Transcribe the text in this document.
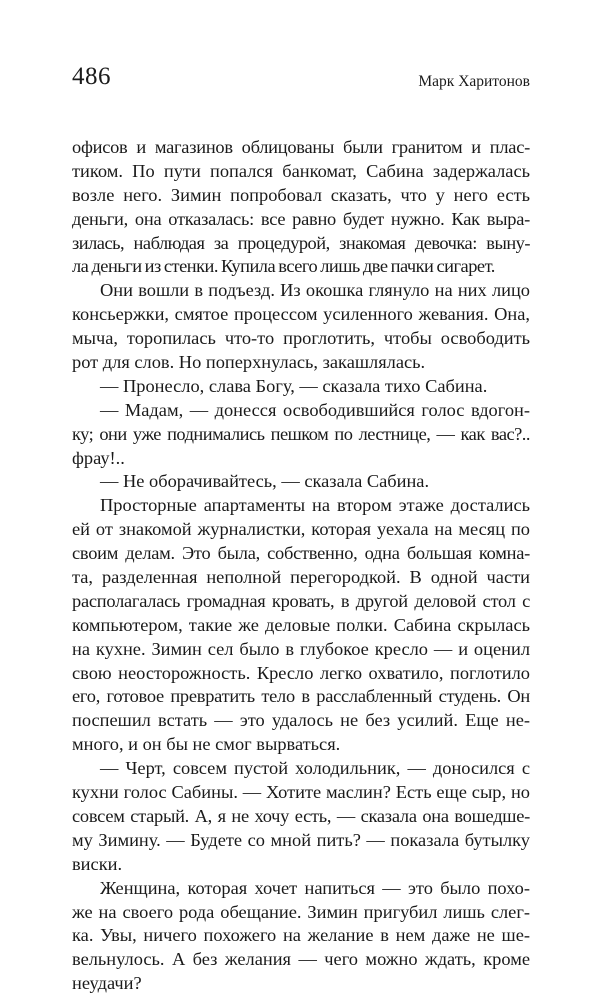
486	Марк Харитонов
офисов и магазинов облицованы были гранитом и плас-
тиком. По пути попался банкомат, Сабина задержалась
возле него. Зимин попробовал сказать, что у него есть
деньги, она отказалась: все равно будет нужно. Как выра-
зилась, наблюдая за процедурой, знакомая девочка: выну-
ла деньги из стенки. Купила всего лишь две пачки сигарет.
Они вошли в подъезд. Из окошка глянуло на них лицо
консьержки, смятое процессом усиленного жевания. Она,
мыча, торопилась что-то проглотить, чтобы освободить
рот для слов. Но поперхнулась, закашлялась.
— Пронесло, слава Богу, — сказала тихо Сабина.
— Мадам, — донесся освободившийся голос вдогон-
ку; они уже поднимались пешком по лестнице, — как вас?..
фрау!..
— Не оборачивайтесь, — сказала Сабина.
Просторные апартаменты на втором этаже достались
ей от знакомой журналистки, которая уехала на месяц по
своим делам. Это была, собственно, одна большая комна-
та, разделенная неполной перегородкой. В одной части
располагалась громадная кровать, в другой деловой стол с
компьютером, такие же деловые полки. Сабина скрылась
на кухне. Зимин сел было в глубокое кресло — и оценил
свою неосторожность. Кресло легко охватило, поглотило
его, готовое превратить тело в расслабленный студень. Он
поспешил встать — это удалось не без усилий. Еще не-
много, и он бы не смог вырваться.
— Черт, совсем пустой холодильник, — доносился с
кухни голос Сабины. — Хотите маслин? Есть еще сыр, но
совсем старый. А, я не хочу есть, — сказала она вошедше-
му Зимину. — Будете со мной пить? — показала бутылку
виски.
Женщина, которая хочет напиться — это было похо-
же на своего рода обещание. Зимин пригубил лишь слег-
ка. Увы, ничего похожего на желание в нем даже не ше-
вельнулось. А без желания — чего можно ждать, кроме
неудачи?
